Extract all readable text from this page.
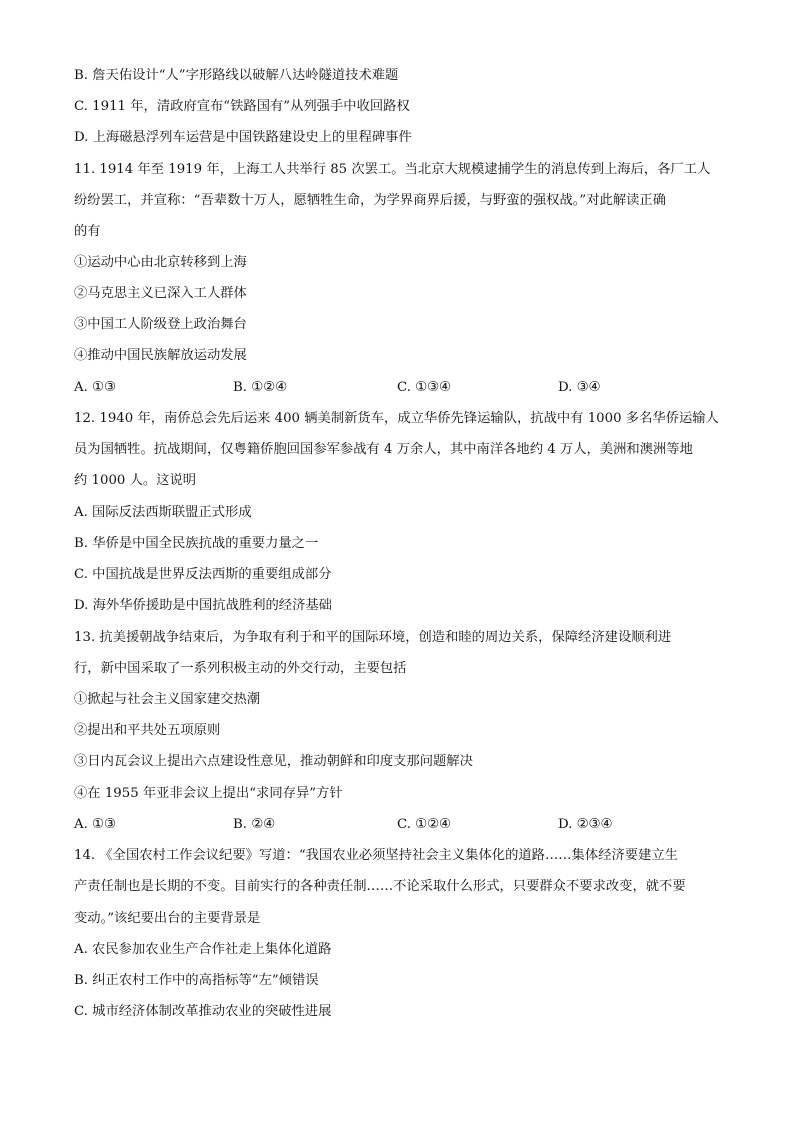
B. 詹天佑设计“人”字形路线以破解八达岭隧道技术难题
C. 1911 年，清政府宣布“铁路国有”从列强手中收回路权
D. 上海磁悬浮列车运营是中国铁路建设史上的里程碑事件
11. 1914 年至 1919 年，上海工人共举行 85 次罢工。当北京大规模逮捕学生的消息传到上海后，各厂工人
纷纷罢工，并宣称：“吾辈数十万人，愿牺牲生命，为学界商界后援，与野蛮的强权战。”对此解读正确
的有
①运动中心由北京转移到上海
②马克思主义已深入工人群体
③中国工人阶级登上政治舞台
④推动中国民族解放运动发展
A. ①③	B. ①②④	C. ①③④	D. ③④
12. 1940 年，南侨总会先后运来 400 辆美制新货车，成立华侨先锋运输队，抗战中有 1000 多名华侨运输人
员为国牺牲。抗战期间，仅粤籍侨胞回国参军参战有 4 万余人，其中南洋各地约 4 万人，美洲和澳洲等地
约 1000 人。这说明
A. 国际反法西斯联盟正式形成
B. 华侨是中国全民族抗战的重要力量之一
C. 中国抗战是世界反法西斯的重要组成部分
D. 海外华侨援助是中国抗战胜利的经济基础
13. 抗美援朝战争结束后，为争取有利于和平的国际环境，创造和睦的周边关系，保障经济建设顺利进
行，新中国采取了一系列积极主动的外交行动，主要包括
①掀起与社会主义国家建交热潮
②提出和平共处五项原则
③日内瓦会议上提出六点建设性意见，推动朝鲜和印度支那问题解决
④在 1955 年亚非会议上提出“求同存异”方针
A. ①③	B. ②④	C. ①②④	D. ②③④
14. 《全国农村工作会议纪要》写道：“我国农业必须坚持社会主义集体化的道路……集体经济要建立生
产责任制也是长期的不变。目前实行的各种责任制……不论采取什么形式，只要群众不要求改变，就不要
变动。”该纪要出台的主要背景是
A. 农民参加农业生产合作社走上集体化道路
B. 纠正农村工作中的高指标等“左”倾错误
C. 城市经济体制改革推动农业的突破性进展
